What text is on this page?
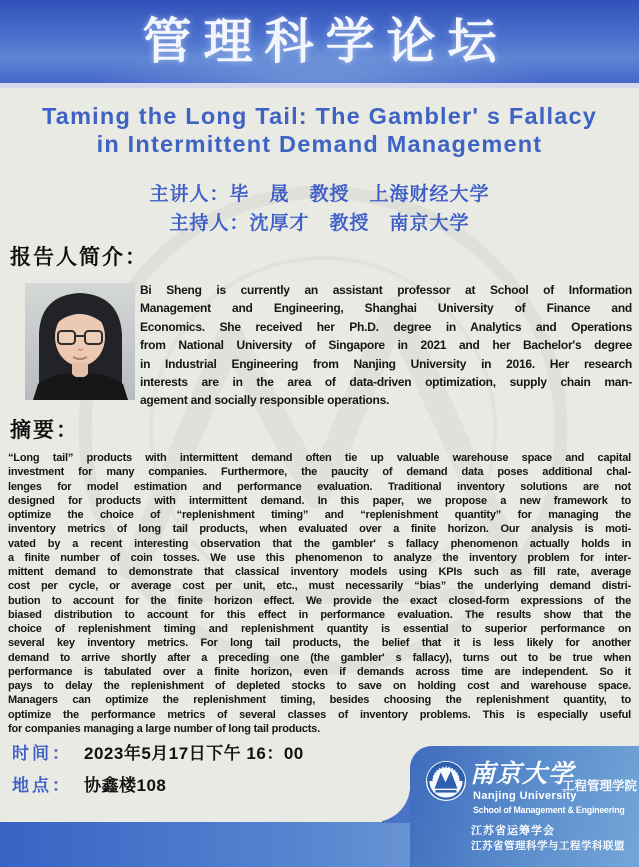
管理科学论坛
Taming the Long Tail: The Gambler' s Fallacy
in Intermittent Demand Management
主讲人：毕　晟　教授　上海财经大学
主持人：沈厚才　教授　南京大学
报告人简介：
Bi Sheng is currently an assistant professor at School of Information
Management and Engineering, Shanghai University of Finance and
Economics. She received her Ph.D. degree in Analytics and Operations
from National University of Singapore in 2021 and her Bachelor's degree
in Industrial Engineering from Nanjing University in 2016. Her research
interests are in the area of data-driven optimization, supply chain man-
agement and socially responsible operations.
摘要：
“Long tail” products with intermittent demand often tie up valuable warehouse space and capital
investment for many companies. Furthermore, the paucity of demand data poses additional chal-
lenges for model estimation and performance evaluation. Traditional inventory solutions are not
designed for products with intermittent demand. In this paper, we propose a new framework to
optimize the choice of “replenishment timing” and “replenishment quantity” for managing the
inventory metrics of long tail products, when evaluated over a finite horizon. Our analysis is moti-
vated by a recent interesting observation that the gambler' s fallacy phenomenon actually holds in
a finite number of coin tosses. We use this phenomenon to analyze the inventory problem for inter-
mittent demand to demonstrate that classical inventory models using KPIs such as fill rate, average
cost per cycle, or average cost per unit, etc., must necessarily “bias” the underlying demand distri-
bution to account for the finite horizon effect. We provide the exact closed-form expressions of the
biased distribution to account for this effect in performance evaluation. The results show that the
choice of replenishment timing and replenishment quantity is essential to superior performance on
several key inventory metrics. For long tail products, the belief that it is less likely for another
demand to arrive shortly after a preceding one (the gambler' s fallacy), turns out to be true when
performance is tabulated over a finite horizon, even if demands across time are independent. So it
pays to delay the replenishment of depleted stocks to save on holding cost and warehouse space.
Managers can optimize the replenishment timing, besides choosing the replenishment quantity, to
optimize the performance metrics of several classes of inventory problems. This is especially useful
for companies managing a large number of long tail products.
时间： 2023年5月17日下午 16：00
地点： 协鑫楼108	南京大学
工程管理学院
Nanjing University
School of Management & Engineering
江苏省运筹学会
江苏省管理科学与工程学科联盟
